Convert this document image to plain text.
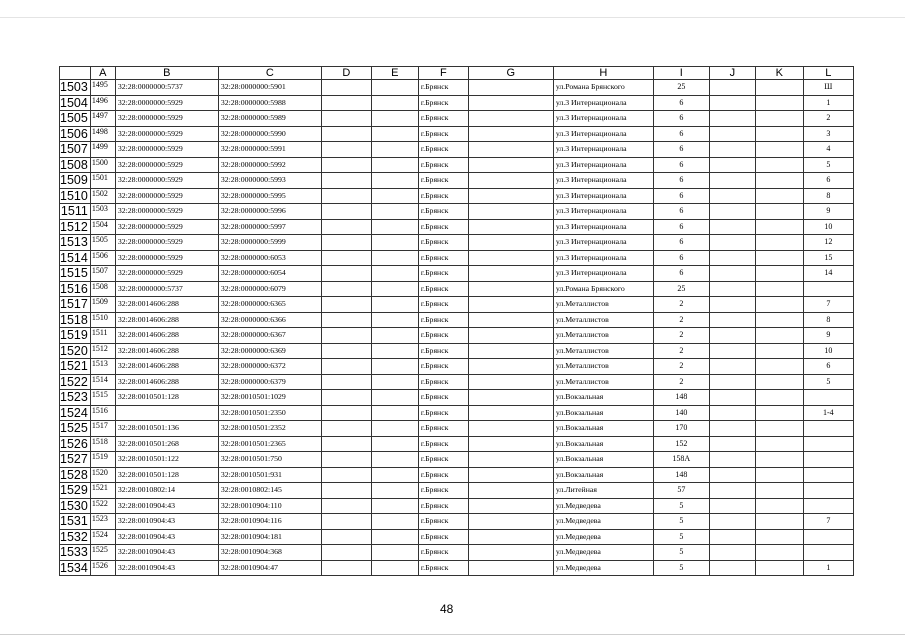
	A	B	C	D	E	F	G	H	I	J	K	L
1503	1495	32:28:0000000:5737	32:28:0000000:5901			г.Брянск		ул.Романа Брянского	25			Ш
1504	1496	32:28:0000000:5929	32:28:0000000:5988			г.Брянск		ул.3 Интернационала	6			1
1505	1497	32:28:0000000:5929	32:28:0000000:5989			г.Брянск		ул.3 Интернационала	6			2
1506	1498	32:28:0000000:5929	32:28:0000000:5990			г.Брянск		ул.3 Интернационала	6			3
1507	1499	32:28:0000000:5929	32:28:0000000:5991			г.Брянск		ул.3 Интернационала	6			4
1508	1500	32:28:0000000:5929	32:28:0000000:5992			г.Брянск		ул.3 Интернационала	6			5
1509	1501	32:28:0000000:5929	32:28:0000000:5993			г.Брянск		ул.3 Интернационала	6			6
1510	1502	32:28:0000000:5929	32:28:0000000:5995			г.Брянск		ул.3 Интернационала	6			8
1511	1503	32:28:0000000:5929	32:28:0000000:5996			г.Брянск		ул.3 Интернационала	6			9
1512	1504	32:28:0000000:5929	32:28:0000000:5997			г.Брянск		ул.3 Интернационала	6			10
1513	1505	32:28:0000000:5929	32:28:0000000:5999			г.Брянск		ул.3 Интернационала	6			12
1514	1506	32:28:0000000:5929	32:28:0000000:6053			г.Брянск		ул.3 Интернационала	6			15
1515	1507	32:28:0000000:5929	32:28:0000000:6054			г.Брянск		ул.3 Интернационала	6			14
1516	1508	32:28:0000000:5737	32:28:0000000:6079			г.Брянск		ул.Романа Брянского	25			
1517	1509	32:28:0014606:288	32:28:0000000:6365			г.Брянск		ул.Металлистов	2			7
1518	1510	32:28:0014606:288	32:28:0000000:6366			г.Брянск		ул.Металлистов	2			8
1519	1511	32:28:0014606:288	32:28:0000000:6367			г.Брянск		ул.Металлистов	2			9
1520	1512	32:28:0014606:288	32:28:0000000:6369			г.Брянск		ул.Металлистов	2			10
1521	1513	32:28:0014606:288	32:28:0000000:6372			г.Брянск		ул.Металлистов	2			6
1522	1514	32:28:0014606:288	32:28:0000000:6379			г.Брянск		ул.Металлистов	2			5
1523	1515	32:28:0010501:128	32:28:0010501:1029			г.Брянск		ул.Вокзальная	148			
1524	1516		32:28:0010501:2350			г.Брянск		ул.Вокзальная	140			1-4
1525	1517	32:28:0010501:136	32:28:0010501:2352			г.Брянск		ул.Вокзальная	170			
1526	1518	32:28:0010501:268	32:28:0010501:2365			г.Брянск		ул.Вокзальная	152			
1527	1519	32:28:0010501:122	32:28:0010501:750			г.Брянск		ул.Вокзальная	158А			
1528	1520	32:28:0010501:128	32:28:0010501:931			г.Брянск		ул.Вокзальная	148			
1529	1521	32:28:0010802:14	32:28:0010802:145			г.Брянск		ул.Литейная	57			
1530	1522	32:28:0010904:43	32:28:0010904:110			г.Брянск		ул.Медведева	5			
1531	1523	32:28:0010904:43	32:28:0010904:116			г.Брянск		ул.Медведева	5			7
1532	1524	32:28:0010904:43	32:28:0010904:181			г.Брянск		ул.Медведева	5			
1533	1525	32:28:0010904:43	32:28:0010904:368			г.Брянск		ул.Медведева	5			
1534	1526	32:28:0010904:43	32:28:0010904:47			г.Брянск		ул.Медведева	5			1
48
